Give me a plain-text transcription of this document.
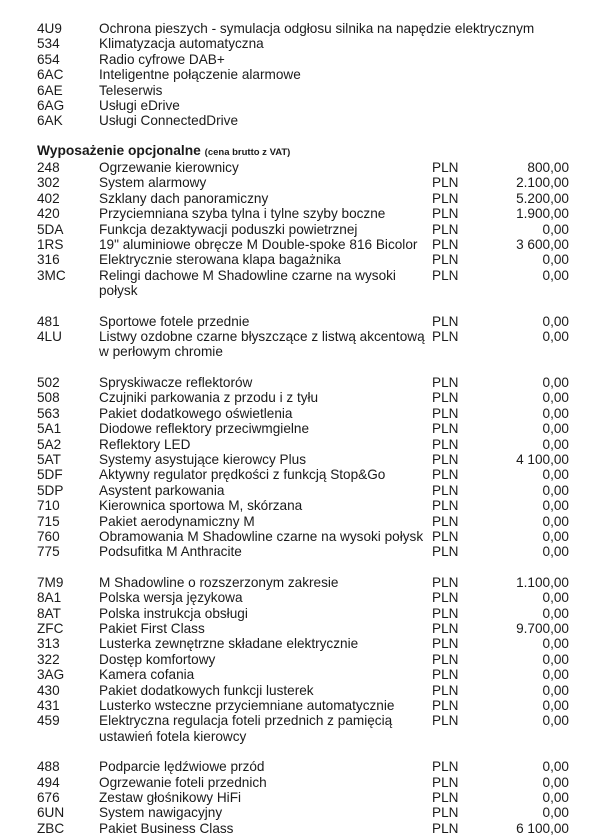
4U9	Ochrona pieszych - symulacja odgłosu silnika na napędzie elektrycznym
534	Klimatyzacja automatyczna
654	Radio cyfrowe DAB+
6AC	Inteligentne połączenie alarmowe
6AE	Teleserwis
6AG	Usługi eDrive
6AK	Usługi ConnectedDrive
Wyposażenie opcjonalne (cena brutto z VAT)
248	Ogrzewanie kierownicy	PLN	800,00
302	System alarmowy	PLN	2.100,00
402	Szklany dach panoramiczny	PLN	5.200,00
420	Przyciemniana szyba tylna i tylne szyby boczne	PLN	1.900,00
5DA	Funkcja dezaktywacji poduszki powietrznej	PLN	0,00
1RS	19" aluminiowe obręcze M Double-spoke 816 Bicolor	PLN	3 600,00
316	Elektrycznie sterowana klapa bagażnika	PLN	0,00
3MC	Relingi dachowe M Shadowline czarne na wysoki
połysk
PLN	0,00
481	Sportowe fotele przednie	PLN	0,00
4LU	Listwy ozdobne czarne błyszczące z listwą akcentową
w perłowym chromie
PLN	0,00
502	Spryskiwacze reflektorów	PLN	0,00
508	Czujniki parkowania z przodu i z tyłu	PLN	0,00
563	Pakiet dodatkowego oświetlenia	PLN	0,00
5A1	Diodowe reflektory przeciwmgielne	PLN	0,00
5A2	Reflektory LED	PLN	0,00
5AT	Systemy asystujące kierowcy Plus	PLN	4 100,00
5DF	Aktywny regulator prędkości z funkcją Stop&Go	PLN	0,00
5DP	Asystent parkowania	PLN	0,00
710	Kierownica sportowa M, skórzana	PLN	0,00
715	Pakiet aerodynamiczny M	PLN	0,00
760	Obramowania M Shadowline czarne na wysoki połysk PLN	0,00
775	Podsufitka M Anthracite	PLN	0,00
7M9	M Shadowline o rozszerzonym zakresie	PLN	1.100,00
8A1	Polska wersja językowa	PLN	0,00
8AT	Polska instrukcja obsługi	PLN	0,00
ZFC	Pakiet First Class	PLN	9.700,00
313	Lusterka zewnętrzne składane elektrycznie	PLN	0,00
322	Dostęp komfortowy	PLN	0,00
3AG	Kamera cofania	PLN	0,00
430	Pakiet dodatkowych funkcji lusterek	PLN	0,00
431	Lusterko wsteczne przyciemniane automatycznie	PLN	0,00
459	Elektryczna regulacja foteli przednich z pamięcią
ustawień fotela kierowcy
PLN	0,00
488	Podparcie lędźwiowe przód	PLN	0,00
494	Ogrzewanie foteli przednich	PLN	0,00
676	Zestaw głośnikowy HiFi	PLN	0,00
6UN	System nawigacyjny	PLN	0,00
ZBC	Pakiet Business Class	PLN	6 100,00
